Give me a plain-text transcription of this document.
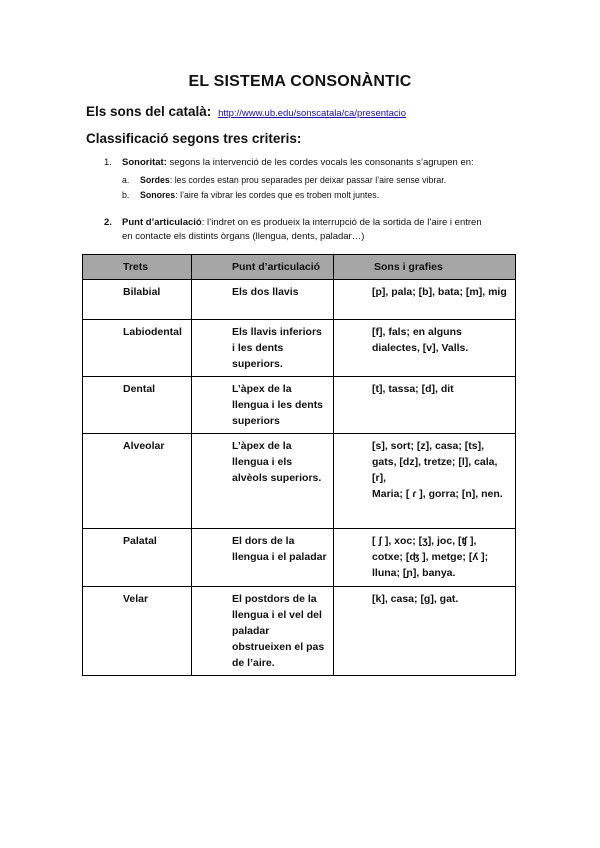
EL SISTEMA CONSONÀNTIC
Els sons del català: http://www.ub.edu/sonscatala/ca/presentacio
Classificació segons tres criteris:
1. Sonoritat: segons la intervenció de les cordes vocals les consonants s’agrupen en:
a. Sordes: les cordes estan prou separades per deixar passar l’aire sense vibrar.
b. Sonores: l’aire fa vibrar les cordes que es troben molt juntes.
2. Punt d’articulació: l’indret on es produeix la interrupció de la sortida de l’aire i entren
en contacte els distints òrgans (llengua, dents, paladar…)
Trets	Punt d’articulació	Sons i grafies
Bilabial	Els dos llavis	[p], pala; [b], bata; [m], mig
Labiodental	Els llavis inferiors i les dents superiors.	[f], fals; en alguns dialectes, [v], Valls.
Dental	L’àpex de la llengua i les dents superiors	[t], tassa; [d], dit
Alveolar	L’àpex de la llengua i els alvèols superiors.	[s], sort; [z], casa; [ts], gats, [dz], tretze; [l], cala, [r],
Maria; [ ɾ ], gorra; [n], nen.
Palatal	El dors de la llengua i el paladar	[ ʃ ], xoc; [ʒ], joc, [ʧ ], cotxe; [ʤ ], metge; [ʎ ]; lluna; [ɲ], banya.
Velar	El postdors de la llengua i el vel del paladar obstrueixen el pas de l’aire.	[k], casa; [g], gat.
